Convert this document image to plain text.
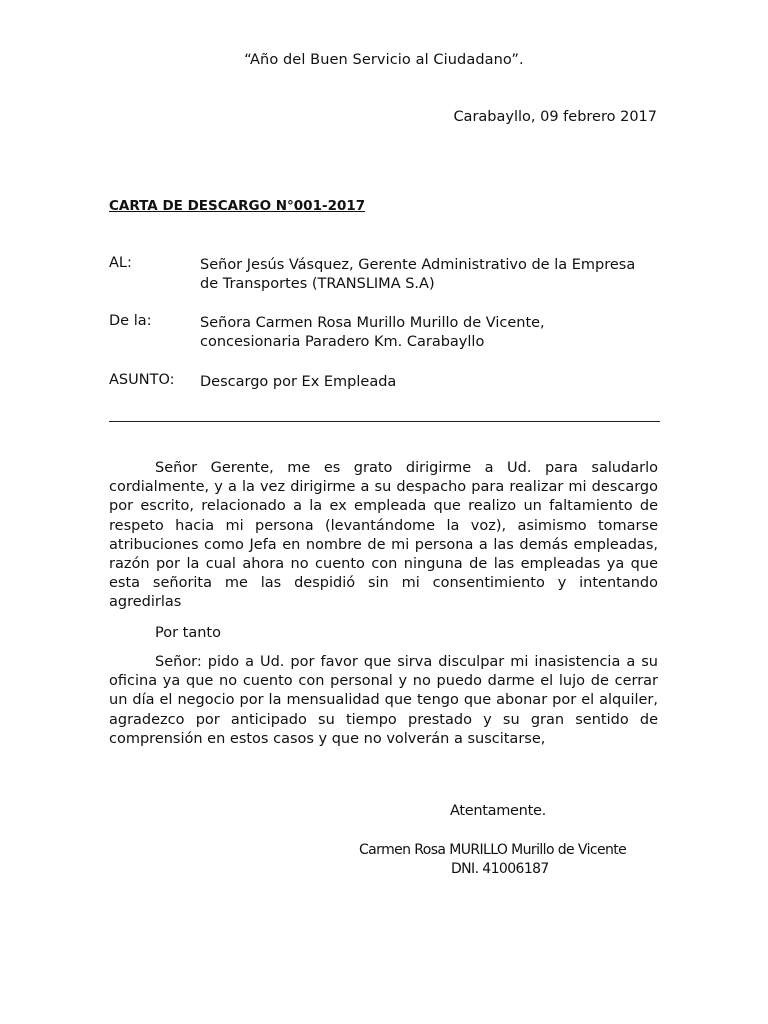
“Año del Buen Servicio al Ciudadano”.
Carabayllo, 09 febrero 2017
CARTA DE DESCARGO N°001-2017
AL:	Señor Jesús Vásquez, Gerente Administrativo de la Empresa
de Transportes (TRANSLIMA S.A)
De la:	Señora Carmen Rosa Murillo Murillo de Vicente,
concesionaria Paradero Km. Carabayllo
ASUNTO: Descargo por Ex Empleada

Señor Gerente, me es grato dirigirme a Ud. para saludarlo cordialmente, y a la vez dirigirme a su despacho para realizar mi descargo por escrito, relacionado a la ex empleada que realizo un faltamiento de respeto hacia mi persona (levantándome la voz), asimismo tomarse atribuciones como Jefa en nombre de mi persona a las demás empleadas, razón por la cual ahora no cuento con ninguna de las empleadas ya que esta señorita me las despidió sin mi consentimiento y intentando agredirlas

Por tanto

Señor: pido a Ud. por favor que sirva disculpar mi inasistencia a su oficina ya que no cuento con personal y no puedo darme el lujo de cerrar un día el negocio por la mensualidad que tengo que abonar por el alquiler, agradezco por anticipado su tiempo prestado y su gran sentido de comprensión en estos casos y que no volverán a suscitarse,

Atentamente.
Carmen Rosa MURILLO Murillo de Vicente
DNI. 41006187
